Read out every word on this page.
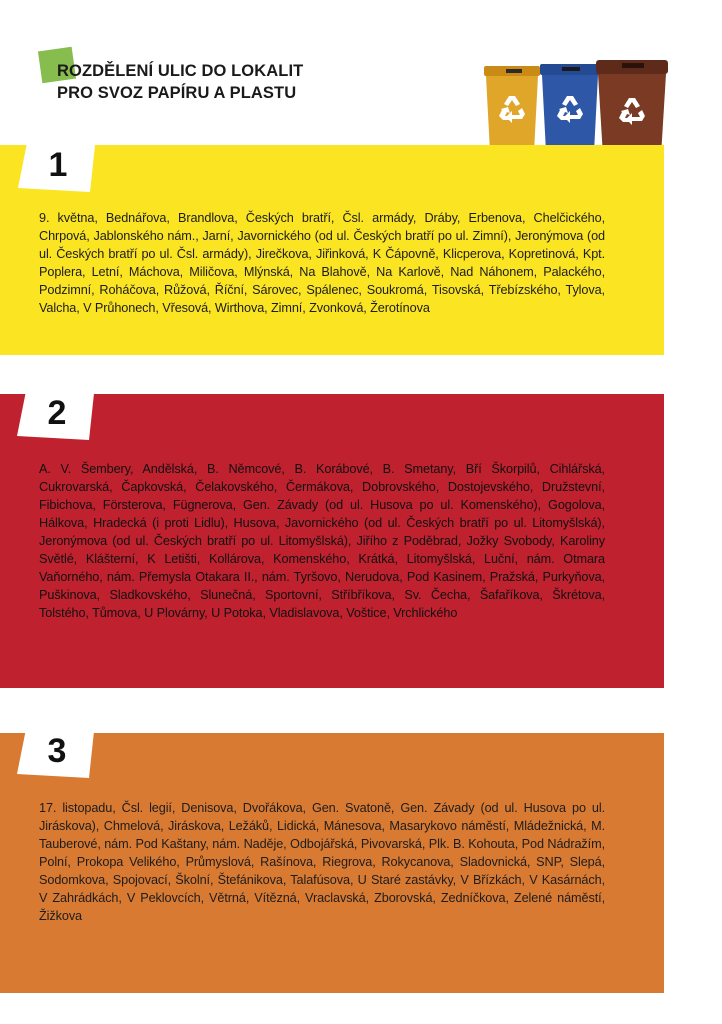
ROZDĚLENÍ ULIC DO LOKALIT
PRO SVOZ PAPÍRU A PLASTU
1

9. května, Bednářova, Brandlova, Českých bratří, Čsl. armády, Dráby, Erbenova, Chelčického, Chrpová, Jablonského nám., Jarní, Javornického (od ul. Českých bratří po ul. Zimní), Jeronýmova (od ul. Českých bratří po ul. Čsl. armády), Jirečkova, Jiřinková, K Čápovně, Klicperova, Kopretinová, Kpt. Poplera, Letní, Máchova, Miličova, Mlýnská, Na Blahově, Na Karlově, Nad Náhonem, Palackého, Podzimní, Roháčova, Růžová, Říční, Sárovec, Spálenec, Soukromá, Tisovská, Třebízského, Tylova, Valcha, V Průhonech, Vřesová, Wirthova, Zimní, Zvonková, Žerotínova

2

A. V. Šembery, Andělská, B. Němcové, B. Korábové, B. Smetany, Bří Škorpilů, Cihlářská, Cukrovarská, Čapkovská, Čelakovského, Čermákova, Dobrovského, Dostojevského, Družstevní, Fibichova, Försterova, Fügnerova, Gen. Závady (od ul. Husova po ul. Komenského), Gogolova, Hálkova, Hradecká (i proti Lidlu), Husova, Javornického (od ul. Českých bratří po ul. Litomyšlská), Jeronýmova (od ul. Českých bratří po ul. Litomyšlská), Jiřího z Poděbrad, Jožky Svobody, Karoliny Světlé, Klášterní, K Letišti, Kollárova, Komenského, Krátká, Litomyšlská, Luční, nám. Otmara Vaňorného, nám. Přemysla Otakara II., nám. Tyršovo, Nerudova, Pod Kasinem, Pražská, Purkyňova, Puškinova, Sladkovského, Slunečná, Sportovní, Stříbříkova, Sv. Čecha, Šafaříkova, Škrétova, Tolstého, Tůmova, U Plovárny, U Potoka, Vladislavova, Voštice, Vrchlického

3

17. listopadu, Čsl. legií, Denisova, Dvořákova, Gen. Svatoně, Gen. Závady (od ul. Husova po ul. Jiráskova), Chmelová, Jiráskova, Ležáků, Lidická, Mánesova, Masarykovo náměstí, Mládežnická, M. Tauberové, nám. Pod Kaštany, nám. Naděje, Odbojářská, Pivovarská, Plk. B. Kohouta, Pod Nádražím, Polní, Prokopa Velikého, Průmyslová, Rašínova, Riegrova, Rokycanova, Sladovnická, SNP, Slepá, Sodomkova, Spojovací, Školní, Štefánikova, Talafúsova, U Staré zastávky, V Břízkách, V Kasárnách, V Zahrádkách, V Peklovcích, Větrná, Vítězná, Vraclavská, Zborovská, Zedníčkova, Zelené náměstí, Žižkova
